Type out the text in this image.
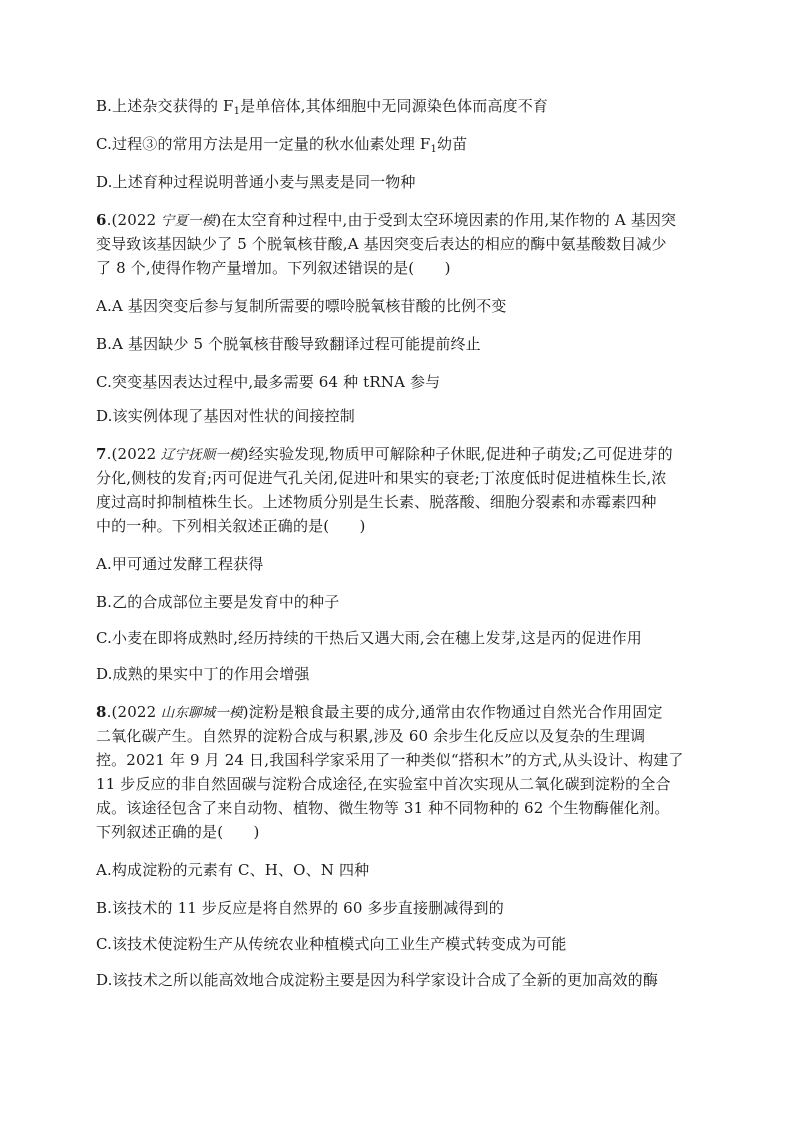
B.上述杂交获得的 $F_1$是单倍体,其体细胞中无同源染色体而高度不育
C.过程③的常用方法是用一定量的秋水仙素处理 $F_1$幼苗
D.上述育种过程说明普通小麦与黑麦是同一物种
6.(2022 宁夏一模)在太空育种过程中,由于受到太空环境因素的作用,某作物的 A 基因突
变导致该基因缺少了 5 个脱氧核苷酸,A 基因突变后表达的相应的酶中氨基酸数目减少
了 8 个,使得作物产量增加。下列叙述错误的是(　　)
A.A 基因突变后参与复制所需要的嘌呤脱氧核苷酸的比例不变
B.A 基因缺少 5 个脱氧核苷酸导致翻译过程可能提前终止
C.突变基因表达过程中,最多需要 64 种 tRNA 参与
D.该实例体现了基因对性状的间接控制
7.(2022 辽宁抚顺一模)经实验发现,物质甲可解除种子休眠,促进种子萌发;乙可促进芽的
分化,侧枝的发育;丙可促进气孔关闭,促进叶和果实的衰老;丁浓度低时促进植株生长,浓
度过高时抑制植株生长。上述物质分别是生长素、脱落酸、细胞分裂素和赤霉素四种
中的一种。下列相关叙述正确的是(　　)
A.甲可通过发酵工程获得
B.乙的合成部位主要是发育中的种子
C.小麦在即将成熟时,经历持续的干热后又遇大雨,会在穗上发芽,这是丙的促进作用
D.成熟的果实中丁的作用会增强
8.(2022 山东聊城一模)淀粉是粮食最主要的成分,通常由农作物通过自然光合作用固定
二氧化碳产生。自然界的淀粉合成与积累,涉及 60 余步生化反应以及复杂的生理调
控。2021 年 9 月 24 日,我国科学家采用了一种类似“搭积木”的方式,从头设计、构建了
11 步反应的非自然固碳与淀粉合成途径,在实验室中首次实现从二氧化碳到淀粉的全合
成。该途径包含了来自动物、植物、微生物等 31 种不同物种的 62 个生物酶催化剂。
下列叙述正确的是(　　)
A.构成淀粉的元素有 C、H、O、N 四种
B.该技术的 11 步反应是将自然界的 60 多步直接删减得到的
C.该技术使淀粉生产从传统农业种植模式向工业生产模式转变成为可能
D.该技术之所以能高效地合成淀粉主要是因为科学家设计合成了全新的更加高效的酶
